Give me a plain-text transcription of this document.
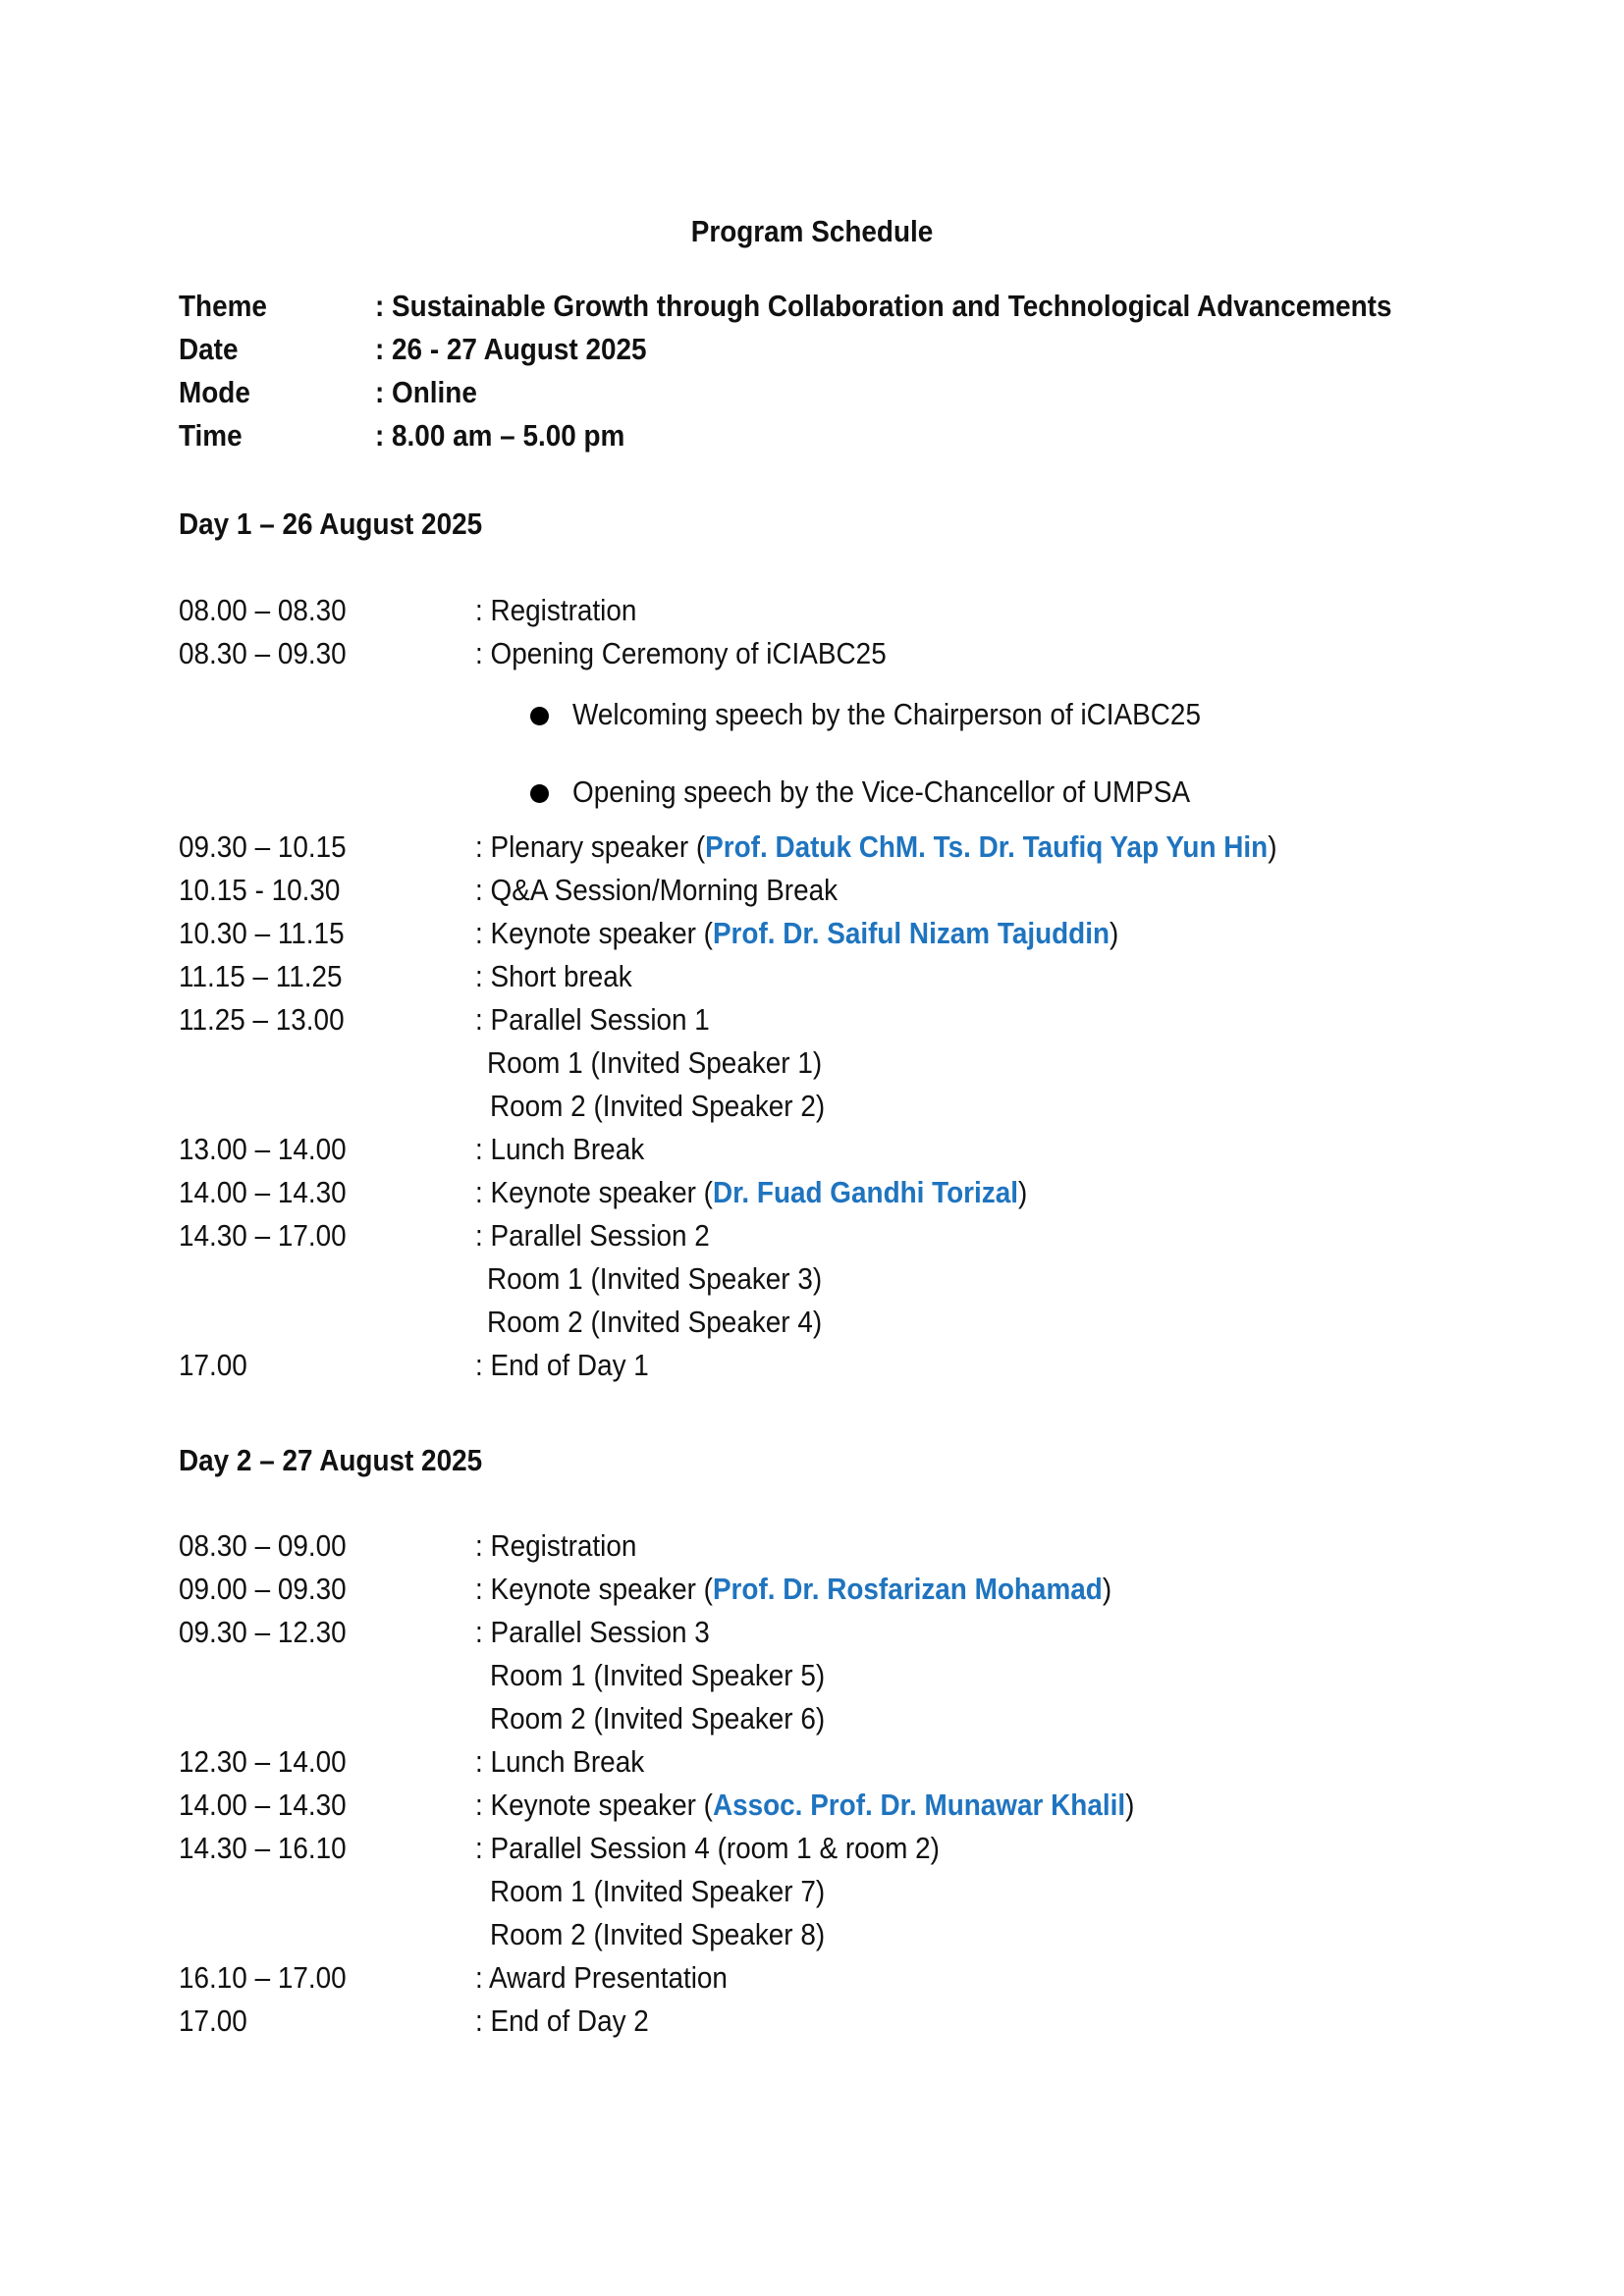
Program Schedule
Theme	: Sustainable Growth through Collaboration and Technological Advancements
Date	: 26 - 27 August 2025
Mode	: Online
Time	: 8.00 am – 5.00 pm
Day 1 – 26 August 2025
08.00 – 08.30	: Registration
08.30 – 09.30	: Opening Ceremony of iCIABC25
Welcoming speech by the Chairperson of iCIABC25
Opening speech by the Vice-Chancellor of UMPSA
09.30 – 10.15	: Plenary speaker (Prof. Datuk ChM. Ts. Dr. Taufiq Yap Yun Hin)
10.15 - 10.30	: Q&A Session/Morning Break
10.30 – 11.15	: Keynote speaker (Prof. Dr. Saiful Nizam Tajuddin)
11.15 – 11.25	: Short break
11.25 – 13.00	: Parallel Session 1
Room 1 (Invited Speaker 1)
Room 2 (Invited Speaker 2)
13.00 – 14.00	: Lunch Break
14.00 – 14.30	: Keynote speaker (Dr. Fuad Gandhi Torizal)
14.30 – 17.00	: Parallel Session 2
Room 1 (Invited Speaker 3)
Room 2 (Invited Speaker 4)
17.00	: End of Day 1
Day 2 – 27 August 2025
08.30 – 09.00	: Registration
09.00 – 09.30	: Keynote speaker (Prof. Dr. Rosfarizan Mohamad)
09.30 – 12.30	: Parallel Session 3
Room 1 (Invited Speaker 5)
Room 2 (Invited Speaker 6)
12.30 – 14.00	: Lunch Break
14.00 – 14.30	: Keynote speaker (Assoc. Prof. Dr. Munawar Khalil)
14.30 – 16.10	: Parallel Session 4 (room 1 & room 2)
Room 1 (Invited Speaker 7)
Room 2 (Invited Speaker 8)
16.10 – 17.00	: Award Presentation
17.00	: End of Day 2
